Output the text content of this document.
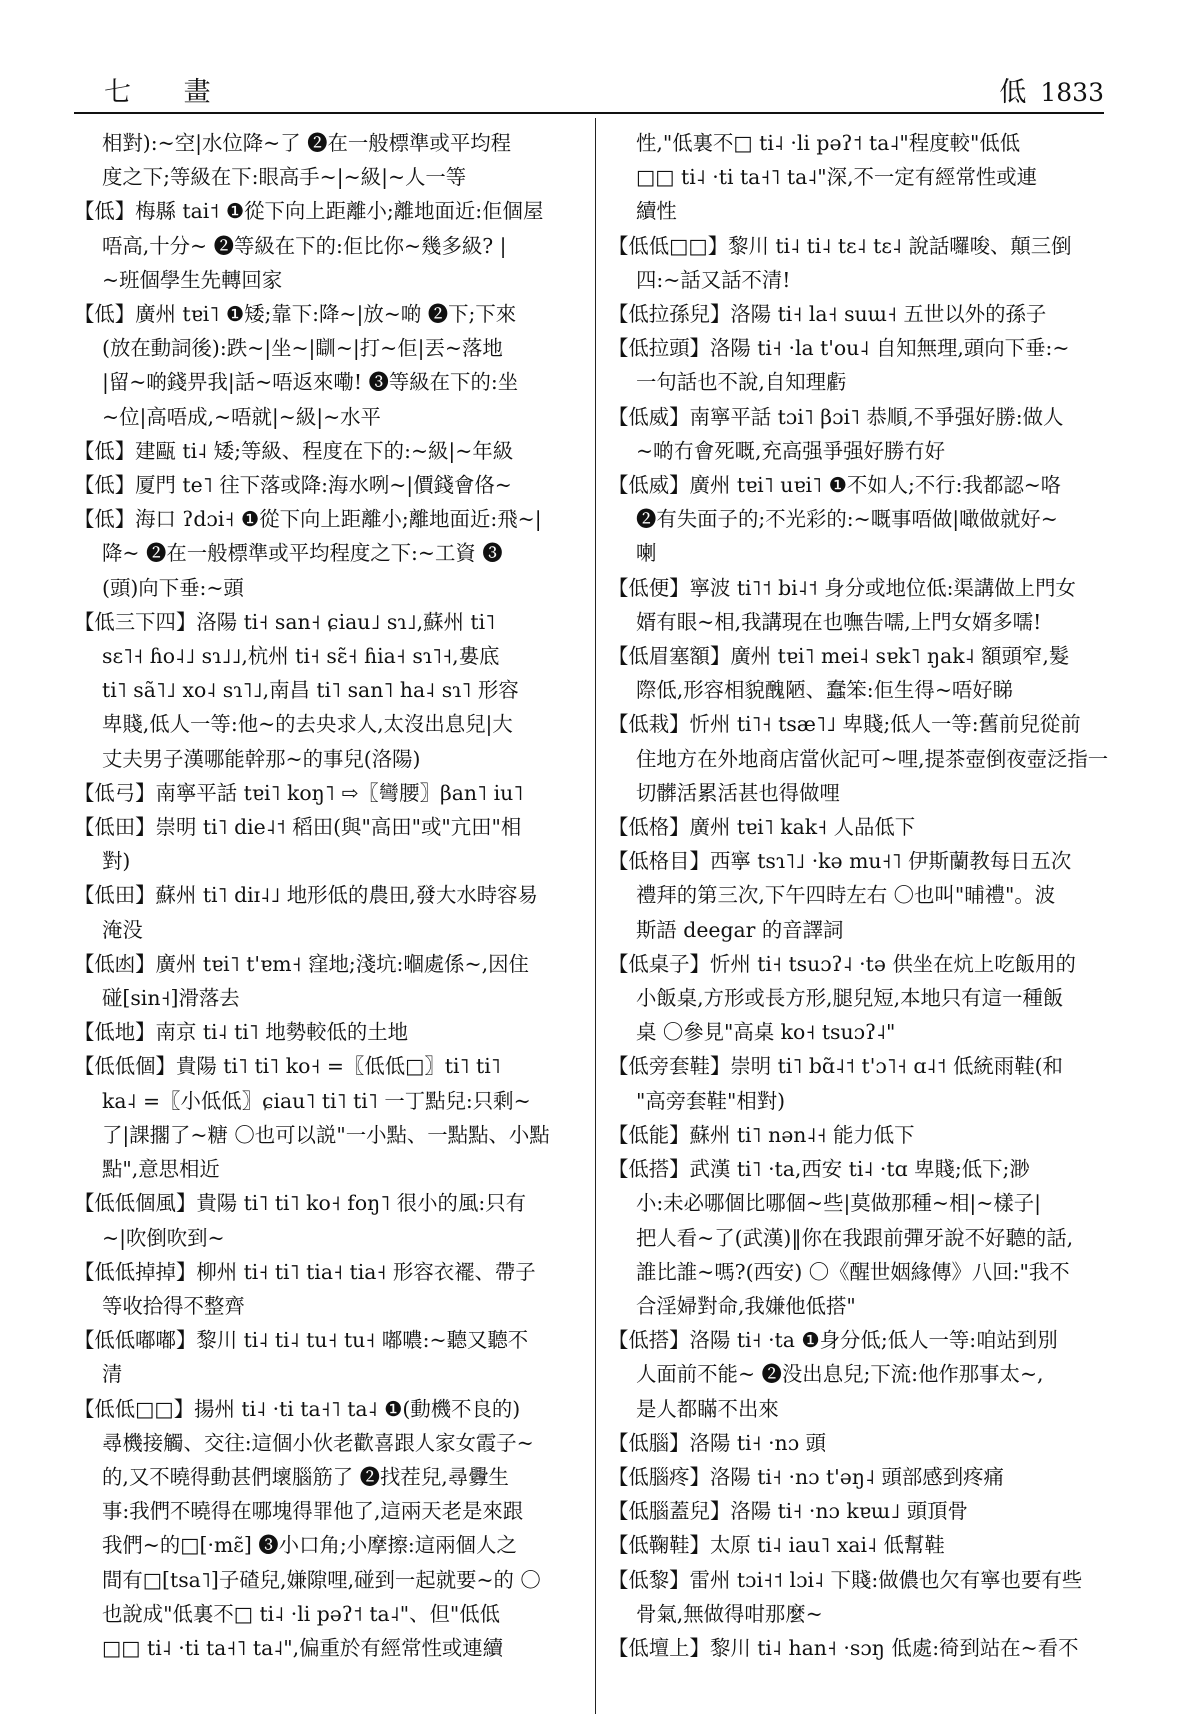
七 畫	低 1833
相對):~空|水位降~了 ❷在一般標準或平均程
度之下;等級在下:眼高手~|~級|~人一等
【低】梅縣 tai˦ ❶從下向上距離小;離地面近:佢個屋
唔高,十分~ ❷等級在下的:佢比你~幾多級? |
~班個學生先轉回家
【低】廣州 tɐi˥ ❶矮;靠下:降~|放~啲 ❷下;下來
(放在動詞後):跌~|坐~|瞓~|打~佢|丟~落地
|留~啲錢畀我|話~唔返來嘞! ❸等級在下的:坐
~位|高唔成,~唔就|~級|~水平
【低】建甌 ti˨ 矮;等級、程度在下的:~級|~年級
【低】厦門 te˥ 往下落或降:海水咧~|價錢會佫~
【低】海口 ʔdɔi˧ ❶從下向上距離小;離地面近:飛~|
降~ ❷在一般標準或平均程度之下:~工資 ❸
(頭)向下垂:~頭
【低三下四】洛陽 ti˧ san˧ ɕiau˩ sɿ˩,蘇州 ti˥
sɛ˥˧ ɦo˨˩ sɿ˩˩,杭州 ti˧ sɛ̃˧ ɦia˧ sɿ˥˧,婁底
ti˥ sã˥˩ xo˨ sɿ˥˩,南昌 ti˥ san˥ ha˨ sɿ˥ 形容
卑賤,低人一等:他~的去央求人,太沒出息兒|大
丈夫男子漢哪能幹那~的事兒(洛陽)
【低弓】南寧平話 tɐi˥ koŋ˥ ⇨〖彎腰〗βan˥ iu˥
【低田】崇明 ti˥ die˨˦ 稻田(與"高田"或"亢田"相
對)
【低田】蘇州 ti˥ diɪ˨˩ 地形低的農田,發大水時容易
淹没
【低凼】廣州 tɐi˥ t'ɐm˧ 窪地;淺坑:嗰處係~,因住
碰[sin˧]滑落去
【低地】南京 ti˨ ti˥ 地勢較低的土地
【低低個】貴陽 ti˥ ti˥ ko˧ =〖低低□〗ti˥ ti˥
ka˨ =〖小低低〗ɕiau˥ ti˥ ti˥ 一丁點兒:只剩~
了|課擱了~糖 〇也可以説"一小點、一點點、小點
點",意思相近
【低低個風】貴陽 ti˥ ti˥ ko˧ foŋ˥ 很小的風:只有
~|吹倒吹到~
【低低掉掉】柳州 ti˧ ti˥ tia˧ tia˧ 形容衣襬、帶子
等收拾得不整齊
【低低嘟嘟】黎川 ti˨ ti˨ tu˧ tu˧ 嘟噥:~聽又聽不
清
【低低□□】揚州 ti˨ ·ti ta˧˥ ta˨ ❶(動機不良的)
尋機接觸、交往:這個小伙老歡喜跟人家女霞子~
的,又不曉得動甚們壞腦筋了 ❷找茬兒,尋釁生
事:我們不曉得在哪塊得罪他了,這兩天老是來跟
我們~的□[·mɛ̃] ❸小口角;小摩擦:這兩個人之
間有□[tsa˥]子碴兒,嫌隙哩,碰到一起就要~的 〇
也說成"低裏不□ ti˨ ·li pəʔ˦ ta˨"、但"低低
□□ ti˨ ·ti ta˧˥ ta˨",偏重於有經常性或連續
性,"低裏不□ ti˨ ·li pəʔ˦ ta˨"程度較"低低
□□ ti˨ ·ti ta˧˥ ta˨"深,不一定有經常性或連
續性
【低低□□】黎川 ti˨ ti˨ tɛ˨ tɛ˨ 說話囉唆、顛三倒
四:~話又話不清!
【低拉孫兒】洛陽 ti˧ la˧ suɯ˧ 五世以外的孫子
【低拉頭】洛陽 ti˧ ·la t'ou˨ 自知無理,頭向下垂:~
一句話也不說,自知理虧
【低威】南寧平話 tɔi˥ βɔi˥ 恭順,不爭强好勝:做人
~啲冇會死嘅,充高强爭强好勝冇好
【低威】廣州 tɐi˥ uɐi˥ ❶不如人;不行:我都認~咯
❷有失面子的;不光彩的:~嘅事唔做|噉做就好~
喇
【低便】寧波 ti˥˦ bi˨˦ 身分或地位低:渠講做上門女
婿有眼~相,我講現在也嘸告嚅,上門女婿多嚅!
【低眉塞額】廣州 tɐi˥ mei˨ sɐk˥ ŋak˨ 額頭窄,髮
際低,形容相貌醜陋、蠢笨:佢生得~唔好睇
【低栽】忻州 ti˥˧ tsæ˥˩ 卑賤;低人一等:舊前兒從前
住地方在外地商店當伙記可~哩,提茶壺倒夜壺泛指一
切髒活累活甚也得做哩
【低格】廣州 tɐi˥ kak˧ 人品低下
【低格目】西寧 tsɿ˥˩ ·kə mu˧˥ 伊斯蘭教每日五次
禮拜的第三次,下午四時左右 〇也叫"晡禮"。波
斯語 deegar 的音譯詞
【低桌子】忻州 ti˧ tsuɔʔ˨ ·tə 供坐在炕上吃飯用的
小飯桌,方形或長方形,腿兒短,本地只有這一種飯
桌 〇參見"高桌 ko˧ tsuɔʔ˨"
【低旁套鞋】崇明 ti˥ bɑ̃˨˦ t'ɔ˥˧ ɑ˨˦ 低統雨鞋(和
"高旁套鞋"相對)
【低能】蘇州 ti˥ nən˨˧ 能力低下
【低搭】武漢 ti˥ ·ta,西安 ti˨ ·tɑ 卑賤;低下;渺
小:未必哪個比哪個~些|莫做那種~相|~樣子|
把人看~了(武漢)‖你在我跟前彈牙說不好聽的話,
誰比誰~嗎?(西安) 〇《醒世姻緣傳》八回:"我不
合淫婦對命,我嫌他低搭"
【低搭】洛陽 ti˧ ·ta ❶身分低;低人一等:咱站到別
人面前不能~ ❷没出息兒;下流:他作那事太~,
是人都瞞不出來
【低腦】洛陽 ti˧ ·nɔ 頭
【低腦疼】洛陽 ti˧ ·nɔ t'əŋ˨ 頭部感到疼痛
【低腦蓋兒】洛陽 ti˧ ·nɔ kɐɯ˩ 頭頂骨
【低鞠鞋】太原 ti˨ iau˥ xai˨ 低幫鞋
【低黎】雷州 tɔi˧˦ lɔi˨ 下賤:做儂也欠有寧也要有些
骨氣,無做得咁那麼~
【低壇上】黎川 ti˨ han˧ ·sɔŋ 低處:徛到站在~看不
